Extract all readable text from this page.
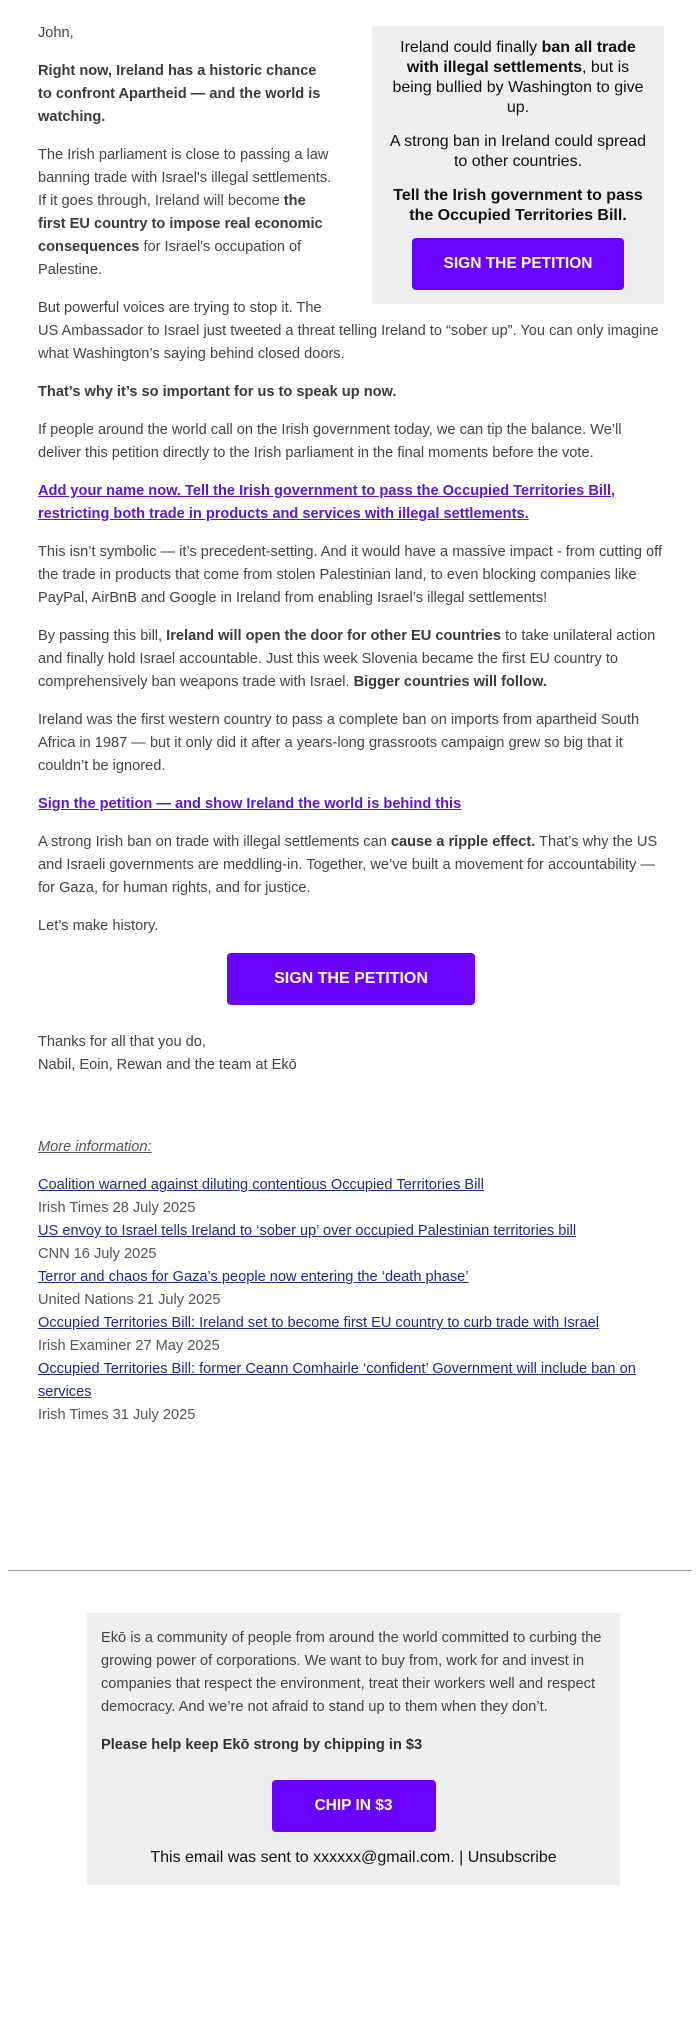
Ireland could finally ban all trade with illegal settlements, but is being bullied by Washington to give up.

A strong ban in Ireland could spread to other countries.

Tell the Irish government to pass the Occupied Territories Bill.

SIGN THE PETITION

John,

Right now, Ireland has a historic chance to confront Apartheid — and the world is watching.

The Irish parliament is close to passing a law banning trade with Israel's illegal settlements. If it goes through, Ireland will become the first EU country to impose real economic consequences for Israel's occupation of Palestine.

But powerful voices are trying to stop it. The US Ambassador to Israel just tweeted a threat telling Ireland to “sober up”. You can only imagine what Washington’s saying behind closed doors.

That’s why it’s so important for us to speak up now.

If people around the world call on the Irish government today, we can tip the balance. We’ll deliver this petition directly to the Irish parliament in the final moments before the vote.

Add your name now. Tell the Irish government to pass the Occupied Territories Bill, restricting both trade in products and services with illegal settlements.

This isn’t symbolic — it’s precedent-setting. And it would have a massive impact - from cutting off the trade in products that come from stolen Palestinian land, to even blocking companies like PayPal, AirBnB and Google in Ireland from enabling Israel’s illegal settlements!

By passing this bill, Ireland will open the door for other EU countries to take unilateral action and finally hold Israel accountable. Just this week Slovenia became the first EU country to comprehensively ban weapons trade with Israel. Bigger countries will follow.

Ireland was the first western country to pass a complete ban on imports from apartheid South Africa in 1987 — but it only did it after a years-long grassroots campaign grew so big that it couldn’t be ignored.

Sign the petition — and show Ireland the world is behind this

A strong Irish ban on trade with illegal settlements can cause a ripple effect. That’s why the US and Israeli governments are meddling-in. Together, we’ve built a movement for accountability — for Gaza, for human rights, and for justice.

Let’s make history.

SIGN THE PETITION
Thanks for all that you do,
Nabil, Eoin, Rewan and the team at Ekō

More information:

Coalition warned against diluting contentious Occupied Territories Bill
Irish Times 28 July 2025
US envoy to Israel tells Ireland to ‘sober up’ over occupied Palestinian territories bill
CNN 16 July 2025
Terror and chaos for Gaza’s people now entering the ‘death phase’
United Nations 21 July 2025
Occupied Territories Bill: Ireland set to become first EU country to curb trade with Israel
Irish Examiner 27 May 2025
Occupied Territories Bill: former Ceann Comhairle ‘confident’ Government will include ban on services
Irish Times 31 July 2025

Ekō is a community of people from around the world committed to curbing the growing power of corporations. We want to buy from, work for and invest in companies that respect the environment, treat their workers well and respect democracy. And we’re not afraid to stand up to them when they don’t.

Please help keep Ekō strong by chipping in $3

CHIP IN $3
This email was sent to xxxxxx@gmail.com. | Unsubscribe
